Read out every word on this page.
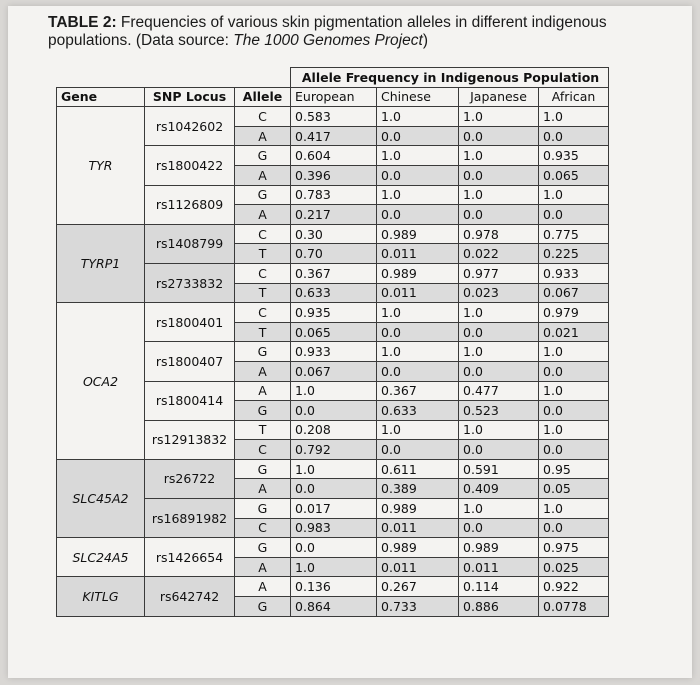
TABLE 2: Frequencies of various skin pigmentation alleles in different indigenous
populations. (Data source: The 1000 Genomes Project)
			Allele Frequency in Indigenous Population			
Gene	SNP Locus	Allele	European	Chinese	Japanese	African
TYR	rs1042602	C	0.583	1.0	1.0	1.0
		A	0.417	0.0	0.0	0.0
	rs1800422	G	0.604	1.0	1.0	0.935
		A	0.396	0.0	0.0	0.065
	rs1126809	G	0.783	1.0	1.0	1.0
		A	0.217	0.0	0.0	0.0
TYRP1	rs1408799	C	0.30	0.989	0.978	0.775
		T	0.70	0.011	0.022	0.225
	rs2733832	C	0.367	0.989	0.977	0.933
		T	0.633	0.011	0.023	0.067
OCA2	rs1800401	C	0.935	1.0	1.0	0.979
		T	0.065	0.0	0.0	0.021
	rs1800407	G	0.933	1.0	1.0	1.0
		A	0.067	0.0	0.0	0.0
	rs1800414	A	1.0	0.367	0.477	1.0
		G	0.0	0.633	0.523	0.0
	rs12913832	T	0.208	1.0	1.0	1.0
		C	0.792	0.0	0.0	0.0
SLC45A2	rs26722	G	1.0	0.611	0.591	0.95
		A	0.0	0.389	0.409	0.05
	rs16891982	G	0.017	0.989	1.0	1.0
		C	0.983	0.011	0.0	0.0
SLC24A5	rs1426654	G	0.0	0.989	0.989	0.975
		A	1.0	0.011	0.011	0.025
KITLG	rs642742	A	0.136	0.267	0.114	0.922
		G	0.864	0.733	0.886	0.0778
